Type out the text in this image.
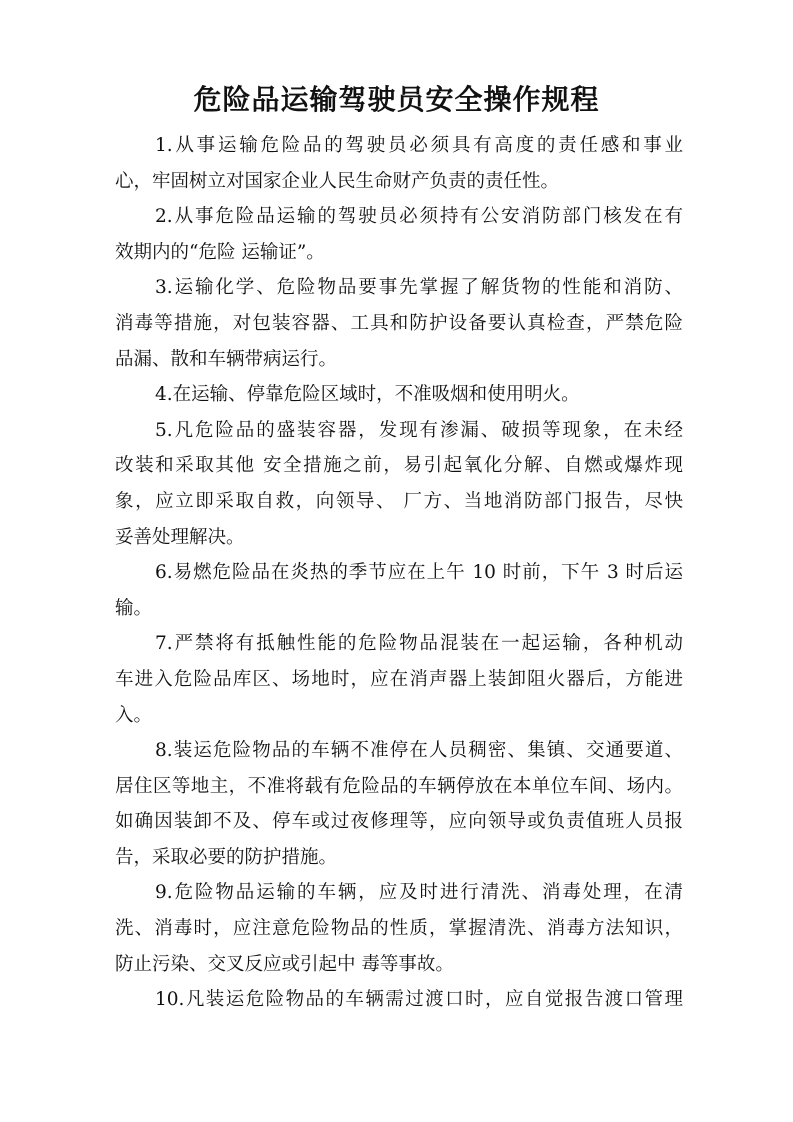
危险品运输驾驶员安全操作规程
1.从事运输危险品的驾驶员必须具有高度的责任感和事业
心，牢固树立对国家企业人民生命财产负责的责任性。
2.从事危险品运输的驾驶员必须持有公安消防部门核发在有
效期内的“危险 运输证”。
3.运输化学、危险物品要事先掌握了解货物的性能和消防、
消毒等措施，对包装容器、工具和防护设备要认真检查，严禁危险
品漏、散和车辆带病运行。
4.在运输、停靠危险区域时，不准吸烟和使用明火。
5.凡危险品的盛装容器，发现有渗漏、破损等现象，在未经
改装和采取其他 安全措施之前，易引起氧化分解、自燃或爆炸现
象，应立即采取自救，向领导、 厂方、当地消防部门报告，尽快
妥善处理解决。
6.易燃危险品在炎热的季节应在上午 10 时前，下午 3 时后运
输。
7.严禁将有抵触性能的危险物品混装在一起运输，各种机动
车进入危险品库区、场地时，应在消声器上装卸阻火器后，方能进
入。
8.装运危险物品的车辆不准停在人员稠密、集镇、交通要道、
居住区等地主，不准将载有危险品的车辆停放在本单位车间、场内。
如确因装卸不及、停车或过夜修理等，应向领导或负责值班人员报
告，采取必要的防护措施。
9.危险物品运输的车辆，应及时进行清洗、消毒处理，在清
洗、消毒时，应注意危险物品的性质，掌握清洗、消毒方法知识，
防止污染、交叉反应或引起中 毒等事故。
10.凡装运危险物品的车辆需过渡口时，应自觉报告渡口管理
